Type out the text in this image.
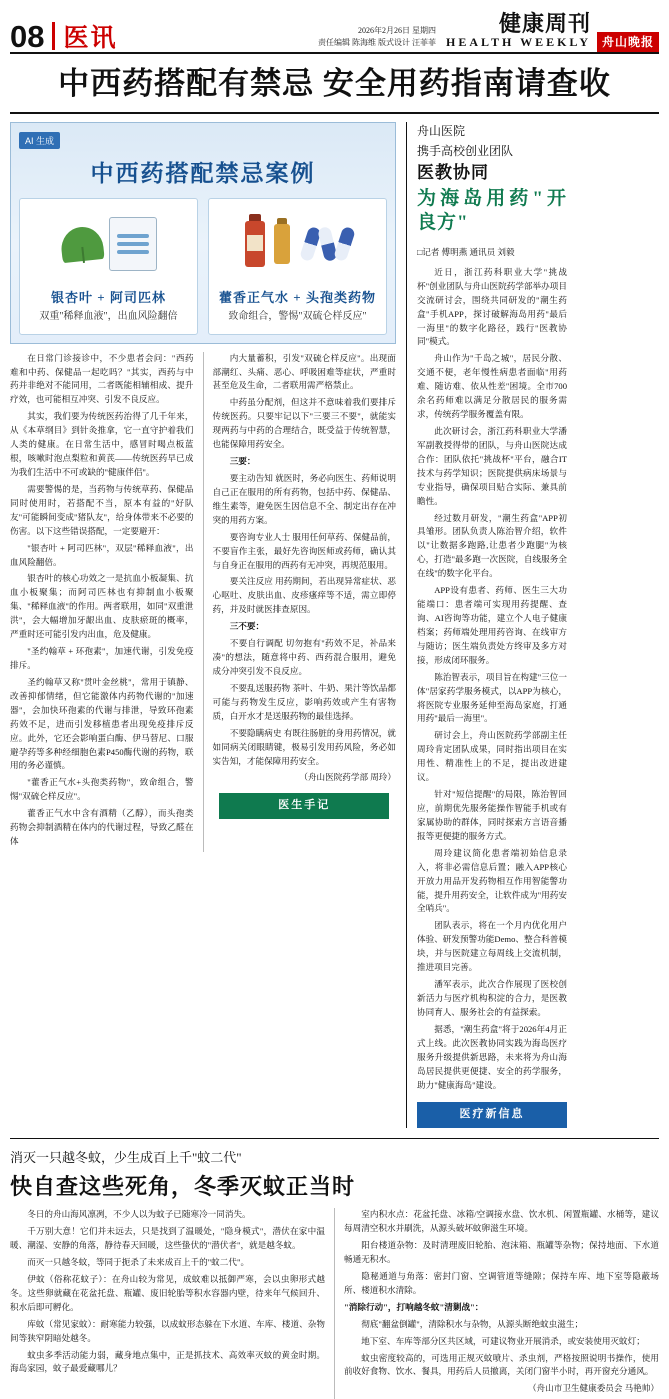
08 医讯	2026年2月26日 星期四
责任编辑 陈海维 版式设计 汪菲菲
健康周刊
HEALTH WEEKLY 舟山晚报
中西药搭配有禁忌 安全用药指南请查收
AI 生成
中西药搭配禁忌案例
银杏叶 + 阿司匹林
双重"稀释血液"，出血风险翻倍
藿香正气水 + 头孢类药物
致命组合，警惕"双硫仑样反应"

在日常门诊接诊中，不少患者会问："西药难和中药、保健品一起吃吗？"其实，西药与中药并非绝对不能同用，二者既能相辅相成、提升疗效，也可能相互冲突、引发不良反应。

其实，我们要为传统医药治得了几千年来，从《本草纲目》到针灸推拿，它一直守护着我们人类的健康。在日常生活中，感冒时喝点板蓝根，咳嗽时泡点梨粒和黄芪——传统医药早已成为我们生活中不可或缺的"健康伴侣"。

需要警惕的是，当药物与传统草药、保健品同时使用时，若搭配不当，原本有益的"好队友"可能瞬间变成"猪队友"，给身体带来不必要的伤害。以下这些错误搭配，一定要避开：

"银杏叶 + 阿司匹林"，双层"稀释血液"，出血风险翻倍。

银杏叶的核心功效之一是抗血小板凝集、抗血小板聚集；而阿司匹林也有抑制血小板聚集、"稀释血液"的作用。两者联用，如同"双重泄洪"，会大幅增加牙龈出血、皮肤瘀斑的概率，严重时还可能引发内出血，危及健康。

"圣约翰草 + 环孢素"，加速代谢，引发免疫排斥。

圣约翰草又称"贯叶金丝桃"，常用于镇静、改善抑郁情绪，但它能激体内药物代谢的"加速器"，会加快环孢素的代谢与排泄，导致环孢素药效不足，进而引发移植患者出现免疫排斥反应。此外，它还会影响蛋白酶、伊马替尼、口服避孕药等多种经细胞色素P450酶代谢的药物，联用的务必谨慎。

"藿香正气水+头孢类药物"，致命组合，警惕"双硫仑样反应"。

藿香正气水中含有酒精（乙醇），而头孢类药物会抑制酒精在体内的代谢过程，导致乙醛在体

内大量蓄积，引发"双硫仑样反应"。出现面部潮红、头痛、恶心、呼吸困难等症状，严重时甚至危及生命，二者联用需严格禁止。

中药虽分配剂，但这并不意味着我们要排斥传统医药。只要牢记以下"三要三不要"，就能实现两药与中药的合理结合，既受益于传统智慧，也能保障用药安全。

三要：

要主动告知 就医时，务必向医生、药师说明自己正在服用的所有药物，包括中药、保健品、维生素等，避免医生因信息不全、制定出存在冲突的用药方案。

要咨询专业人士 服用任何草药、保健品前，不要盲作主张，最好先咨询医师或药师，确认其与自身正在服用的西药有无冲突，再规范服用。

要关注反应 用药期间，若出现异常症状、恶心呕吐、皮肤出血、皮疹瘙痒等不适，需立即停药，并及时就医排查原因。

三不要：

不要自行调配 切勿抱有"药效不足，补品来凑"的想法，随意将中药、西药混合服用，避免成分冲突引发不良反应。

不要乱送服药物 茶叶、牛奶、果汁等饮品都可能与药物发生反应，影响药效或产生有害物质，白开水才是送服药物的最佳选择。

不要隐瞒病史 有既往肠脏的身用药情况，就如同病关闭眼睛键，极易引发用药风险，务必如实告知，才能保障用药安全。

（舟山医院药学部 周玲）

医生手记
舟山医院
携手高校创业团队
医教协同
为海岛用药"开良方"
□记者 傅明燕 通讯员 刘毅

近日，浙江药科职业大学"挑战杯"创业团队与舟山医院药学部举办项目交流研讨会，围绕共同研发的"潮生药盒"手机APP，探讨破解海岛用药"最后一海里"的数字化路径，践行"医教协同"模式。

舟山作为"千岛之城"，居民分散、交通不便，老年慢性病患者面临"用药难、随访难、依从性差"困境。全市700余名药师难以满足分散居民的服务需求，传统药学服务覆盖有限。

此次研讨会，浙江药科职业大学潘军副教授得带的团队，与舟山医院达成合作：团队依托"挑战杯"平台，融合IT技术与药学知识；医院提供病床场景与专业指导，确保项目贴合实际、兼具前瞻性。

经过数月研发，"潮生药盒"APP初具雏形。团队负责人陈治智介绍，软件以"让数据多跑路,让患者少跑腿"为核心，打造"最多跑一次医院，自线服务全在线"的数字化平台。

APP设有患者、药师、医生三大功能端口：患者端可实现用药提醒、查询、AI咨询等功能，建立个人电子健康档案；药师端处理用药咨询、在线审方与随访；医生端负责处方终审及多方对接，形成闭环服务。

陈治智表示，项目旨在构建"三位一体"居家药学服务模式，以APP为核心，将医院专业服务延伸至海岛家庭，打通用药"最后一海里"。

研讨会上，舟山医院药学部副主任周玲肯定团队成果，同时指出项目在实用性、精准性上的不足，提出改进建议。

针对"短信提醒"的局限，陈治智回应，前期优先服务能操作智能手机或有家属协助的群体，同时探索方言语音播报等更便捷的服务方式。

周玲建议简化患者端初始信息录入，将非必需信息后置；融入APP核心开放力用品开发药物相互作用智能警功能，提升用药安全，让软件成为"用药安全哨兵"。

团队表示，将在一个月内优化用户体验、研发预警功能Demo、整合科普模块，并与医院建立每周线上交流机制，推进项目完善。

潘军表示，此次合作展现了医校创新活力与医疗机构积淀的合力，是医教协同育人、服务社会的有益探索。

据悉，"潮生药盒"将于2026年4月正式上线。此次医教协同实践为海岛医疗服务升级提供新思路，未来将为舟山海岛居民提供更便捷、安全的药学服务，助力"健康海岛"建设。

医疗新信息
消灭一只越冬蚊，少生成百上千"蚊二代"
快自查这些死角，冬季灭蚊正当时

冬日的舟山海风凛冽，不少人以为蚊子已随寒冷一同消失。

千万别大意！它们并未远去，只是找到了温暖处，"隐身模式"，潜伏在家中温暖、潮湿、安静的角落，静待春天回暖，这些蛰伏的"潜伏者"，就是越冬蚊。

而灭一只越冬蚊，等同于扼杀了未来成百上千的"蚊二代"。

伊蚊（俗称花蚊子）：在舟山较为常见，成蚊难以抵御严寒，会以虫卵形式越冬。这些卵就藏在花盆托盘、瓶罐、废旧轮胎等积水容器内壁，待来年气候回升、积水后即可孵化。

库蚊（常见家蚊）：耐寒能力较强，以成蚊形态躲在下水道、车库、楼道、杂物间等狭窄阴暗处越冬。

蚊虫多季活动能力弱，藏身地点集中，正是抓技术、高效率灭蚊的黄金时期。海岛家园，蚊子最爱藏哪儿？

室内积水点：花盆托盘、冰箱/空调接水盘、饮水机、闲置瓶罐、水桶等，建议每周清空积水并刷洗，从源头破坏蚊卵滋生环境。

阳台楼道杂物：及时清理废旧轮胎、泡沫箱、瓶罐等杂物；保持地面、下水道畅通无积水。

隐秘通道与角落：密封门窗、空调管道等缝隙；保持车库、地下室等隐蔽场所、楼道积水清除。

"消除行动"，打响越冬蚊"清剿战"：

彻底"翻盆倒罐"，清除积水与杂物，从源头断绝蚊虫滋生；

地下室、车库等部分区共区域，可建议物业开展消杀，或安装使用灭蚊灯；

蚊虫密度较高的，可选用正规灭蚊喷片、杀虫剂，严格按照说明书操作，使用前收好食物、饮水、餐具，用药后人员撤离，关闭门窗半小时，再开窗充分通风。

（舟山市卫生健康委员会 马艳帅）
